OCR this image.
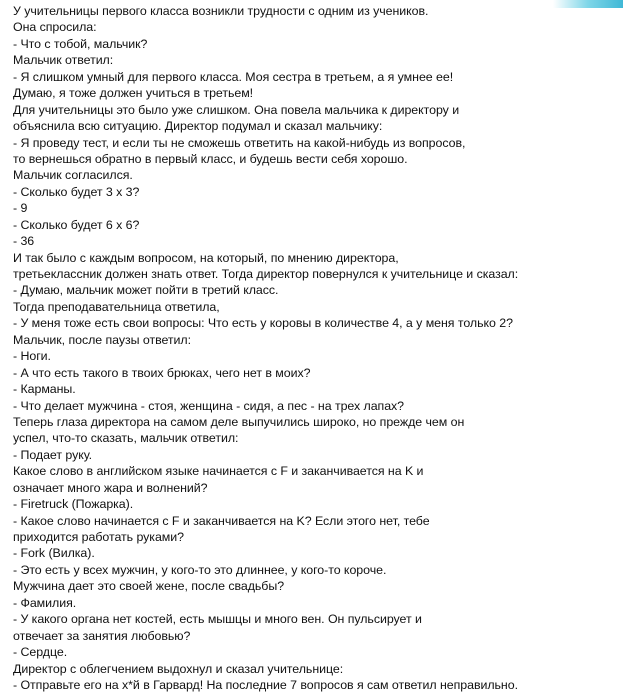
У учительницы первого класса возникли трудности с одним из учеников.
Она спросила:
- Что с тобой, мальчик?
Мальчик ответил:
- Я слишком умный для первого класса. Моя сестра в третьем, а я умнее ее!
Думаю, я тоже должен учиться в третьем!
Для учительницы это было уже слишком. Она повела мальчика к директору и
объяснила всю ситуацию. Директор подумал и сказал мальчику:
- Я проведу тест, и если ты не сможешь ответить на какой-нибудь из вопросов,
то вернешься обратно в первый класс, и будешь вести себя хорошо.
Мальчик согласился.
- Сколько будет 3 x 3?
- 9
- Сколько будет 6 x 6?
- 36
И так было с каждым вопросом, на который, по мнению директора,
третьеклассник должен знать ответ. Тогда директор повернулся к учительнице и сказал:
- Думаю, мальчик может пойти в третий класс.
Тогда преподавательница ответила,
- У меня тоже есть свои вопросы: Что есть у коровы в количестве 4, а у меня только 2?
Мальчик, после паузы ответил:
- Ноги.
- А что есть такого в твоих брюках, чего нет в моих?
- Карманы.
- Что делает мужчина - стоя, женщина - сидя, а пес - на трех лапах?
Теперь глаза директора на самом деле выпучились широко, но прежде чем он
успел, что-то сказать, мальчик ответил:
- Подает руку.
Какое слово в английском языке начинается с F и заканчивается на K и
означает много жара и волнений?
- Firetruck (Пожарка).
- Какое слово начинается с F и заканчивается на K? Если этого нет, тебе
приходится работать руками?
- Fork (Вилка).
- Это есть у всех мужчин, у кого-то это длиннее, у кого-то короче.
Мужчина дает это своей жене, после свадьбы?
- Фамилия.
- У какого органа нет костей, есть мышцы и много вен. Он пульсирует и
отвечает за занятия любовью?
- Сердце.
Директор с облегчением выдохнул и сказал учительнице:
- Отправьте его на х*й в Гарвард! На последние 7 вопросов я сам ответил неправильно.
